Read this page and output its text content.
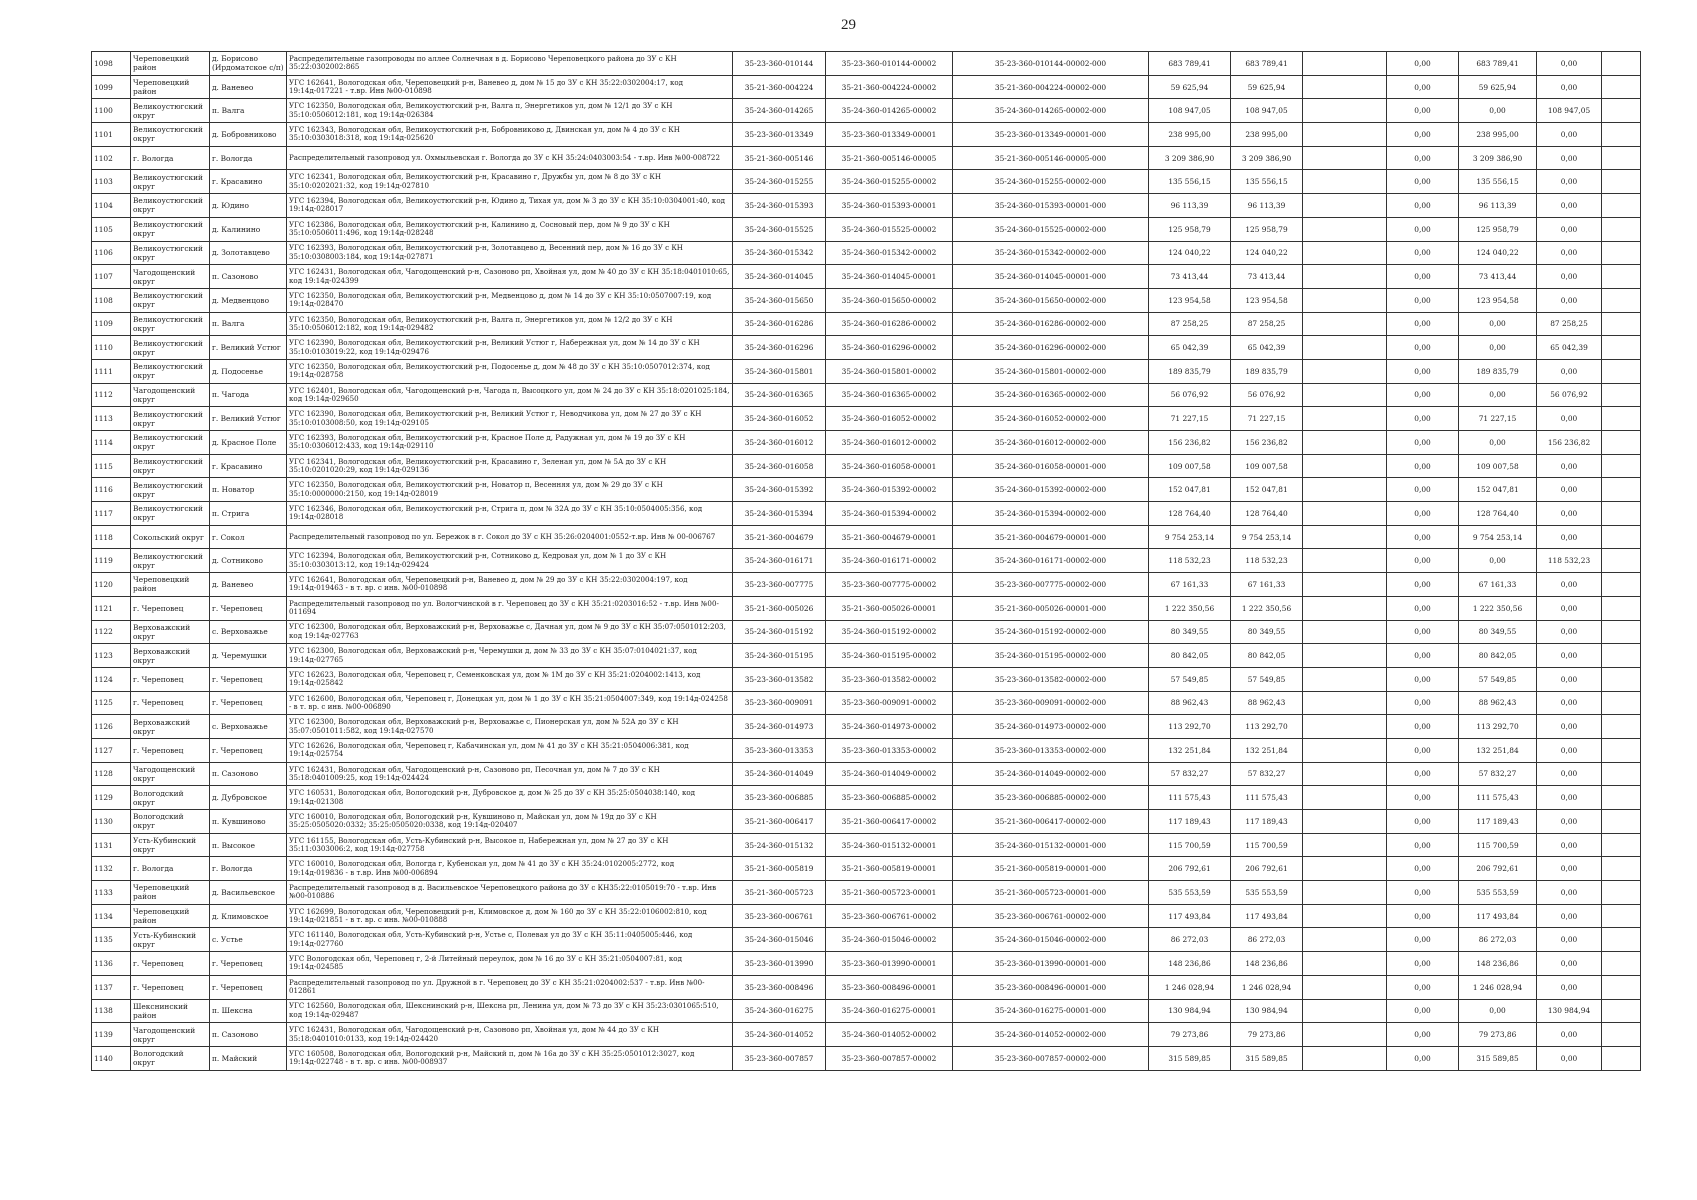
29
1098	Череповецкий район	д. Борисово (Ирдоматское с/п)	Распределительные газопроводы по аллее Солнечная в д. Борисово Череповецкого района до ЗУ с КН 35:22:0302002:865	35-23-360-010144	35-23-360-010144-00002	35-23-360-010144-00002-000	683 789,41	683 789,41		0,00	683 789,41	0,00	
1099	Череповецкий район	д. Ваневео	УГС 162641, Вологодская обл, Череповецкий р-н, Ваневео д, дом № 15 до ЗУ с КН 35:22:0302004:17, код 19:14д-017221 - т.вр. Инв №00-010898	35-21-360-004224	35-21-360-004224-00002	35-21-360-004224-00002-000	59 625,94	59 625,94		0,00	59 625,94	0,00	
1100	Великоустюгский округ	п. Валга	УГС 162350, Вологодская обл, Великоустюгский р-н, Валга п, Энергетиков ул, дом № 12/1 до ЗУ с КН 35:10:0506012:181, код 19:14д-026384	35-24-360-014265	35-24-360-014265-00002	35-24-360-014265-00002-000	108 947,05	108 947,05		0,00	0,00	108 947,05	
1101	Великоустюгский округ	д. Бобровниково	УГС 162343, Вологодская обл, Великоустюгский р-н, Бобровниково д, Двинская ул, дом № 4 до ЗУ с КН 35:10:0303018:318, код 19:14д-025620	35-23-360-013349	35-23-360-013349-00001	35-23-360-013349-00001-000	238 995,00	238 995,00		0,00	238 995,00	0,00	
1102	г. Вологда	г. Вологда	Распределительный газопровод ул. Охмыльевская г. Вологда до ЗУ с КН 35:24:0403003:54 - т.вр. Инв №00-008722	35-21-360-005146	35-21-360-005146-00005	35-21-360-005146-00005-000	3 209 386,90	3 209 386,90		0,00	3 209 386,90	0,00	
1103	Великоустюгский округ	г. Красавино	УГС 162341, Вологодская обл, Великоустюгский р-н, Красавино г, Дружбы ул, дом № 8 до ЗУ с КН 35:10:0202021:32, код 19:14д-027810	35-24-360-015255	35-24-360-015255-00002	35-24-360-015255-00002-000	135 556,15	135 556,15		0,00	135 556,15	0,00	
1104	Великоустюгский округ	д. Юдино	УГС 162394, Вологодская обл, Великоустюгский р-н, Юдино д, Тихая ул, дом № 3 до ЗУ с КН 35:10:0304001:40, код 19:14д-028017	35-24-360-015393	35-24-360-015393-00001	35-24-360-015393-00001-000	96 113,39	96 113,39		0,00	96 113,39	0,00	
1105	Великоустюгский округ	д. Калинино	УГС 162386, Вологодская обл, Великоустюгский р-н, Калинино д, Сосновый пер, дом № 9 до ЗУ с КН 35:10:0506011:496, код 19:14д-028248	35-24-360-015525	35-24-360-015525-00002	35-24-360-015525-00002-000	125 958,79	125 958,79		0,00	125 958,79	0,00	
1106	Великоустюгский округ	д. Золотавцево	УГС 162393, Вологодская обл, Великоустюгский р-н, Золотавцево д, Весенний пер, дом № 16 до ЗУ с КН 35:10:0308003:184, код 19:14д-027871	35-24-360-015342	35-24-360-015342-00002	35-24-360-015342-00002-000	124 040,22	124 040,22		0,00	124 040,22	0,00	
1107	Чагодощенский округ	п. Сазоново	УГС 162431, Вологодская обл, Чагодощенский р-н, Сазоново рп, Хвойная ул, дом № 40 до ЗУ с КН 35:18:0401010:65, код 19:14д-024399	35-24-360-014045	35-24-360-014045-00001	35-24-360-014045-00001-000	73 413,44	73 413,44		0,00	73 413,44	0,00	
1108	Великоустюгский округ	д. Медвенцово	УГС 162350, Вологодская обл, Великоустюгский р-н, Медвенцово д, дом № 14 до ЗУ с КН 35:10:0507007:19, код 19:14д-028470	35-24-360-015650	35-24-360-015650-00002	35-24-360-015650-00002-000	123 954,58	123 954,58		0,00	123 954,58	0,00	
1109	Великоустюгский округ	п. Валга	УГС 162350, Вологодская обл, Великоустюгский р-н, Валга п, Энергетиков ул, дом № 12/2 до ЗУ с КН 35:10:0506012:182, код 19:14д-029482	35-24-360-016286	35-24-360-016286-00002	35-24-360-016286-00002-000	87 258,25	87 258,25		0,00	0,00	87 258,25	
1110	Великоустюгский округ	г. Великий Устюг	УГС 162390, Вологодская обл, Великоустюгский р-н, Великий Устюг г, Набережная ул, дом № 14 до ЗУ с КН 35:10:0103019:22, код 19:14д-029476	35-24-360-016296	35-24-360-016296-00002	35-24-360-016296-00002-000	65 042,39	65 042,39		0,00	0,00	65 042,39	
1111	Великоустюгский округ	д. Подосенье	УГС 162350, Вологодская обл, Великоустюгский р-н, Подосенье д, дом № 48 до ЗУ с КН 35:10:0507012:374, код 19:14д-028758	35-24-360-015801	35-24-360-015801-00002	35-24-360-015801-00002-000	189 835,79	189 835,79		0,00	189 835,79	0,00	
1112	Чагодощенский округ	п. Чагода	УГС 162401, Вологодская обл, Чагодощенский р-н, Чагода п, Высоцкого ул, дом № 24 до ЗУ с КН 35:18:0201025:184, код 19:14д-029650	35-24-360-016365	35-24-360-016365-00002	35-24-360-016365-00002-000	56 076,92	56 076,92		0,00	0,00	56 076,92	
1113	Великоустюгский округ	г. Великий Устюг	УГС 162390, Вологодская обл, Великоустюгский р-н, Великий Устюг г, Неводчикова ул, дом № 27 до ЗУ с КН 35:10:0103008:50, код 19:14д-029105	35-24-360-016052	35-24-360-016052-00002	35-24-360-016052-00002-000	71 227,15	71 227,15		0,00	71 227,15	0,00	
1114	Великоустюгский округ	д. Красное Поле	УГС 162393, Вологодская обл, Великоустюгский р-н, Красное Поле д, Радужная ул, дом № 19 до ЗУ с КН 35:10:0306012:433, код 19:14д-029110	35-24-360-016012	35-24-360-016012-00002	35-24-360-016012-00002-000	156 236,82	156 236,82		0,00	0,00	156 236,82	
1115	Великоустюгский округ	г. Красавино	УГС 162341, Вологодская обл, Великоустюгский р-н, Красавино г, Зеленая ул, дом № 5А до ЗУ с КН 35:10:0201020:29, код 19:14д-029136	35-24-360-016058	35-24-360-016058-00001	35-24-360-016058-00001-000	109 007,58	109 007,58		0,00	109 007,58	0,00	
1116	Великоустюгский округ	п. Новатор	УГС 162350, Вологодская обл, Великоустюгский р-н, Новатор п, Весенняя ул, дом № 29 до ЗУ с КН 35:10:0000000:2150, код 19:14д-028019	35-24-360-015392	35-24-360-015392-00002	35-24-360-015392-00002-000	152 047,81	152 047,81		0,00	152 047,81	0,00	
1117	Великоустюгский округ	п. Стрига	УГС 162346, Вологодская обл, Великоустюгский р-н, Стрига п, дом № 32А до ЗУ с КН 35:10:0504005:356, код 19:14д-028018	35-24-360-015394	35-24-360-015394-00002	35-24-360-015394-00002-000	128 764,40	128 764,40		0,00	128 764,40	0,00	
1118	Сокольский округ	г. Сокол	Распределительный газопровод по ул. Бережок в г. Сокол до ЗУ с КН 35:26:0204001:0552-т.вр. Инв № 00-006767	35-21-360-004679	35-21-360-004679-00001	35-21-360-004679-00001-000	9 754 253,14	9 754 253,14		0,00	9 754 253,14	0,00	
1119	Великоустюгский округ	д. Сотниково	УГС 162394, Вологодская обл, Великоустюгский р-н, Сотниково д, Кедровая ул, дом № 1 до ЗУ с КН 35:10:0303013:12, код 19:14д-029424	35-24-360-016171	35-24-360-016171-00002	35-24-360-016171-00002-000	118 532,23	118 532,23		0,00	0,00	118 532,23	
1120	Череповецкий район	д. Ваневео	УГС 162641, Вологодская обл, Череповецкий р-н, Ваневео д, дом № 29 до ЗУ с КН 35:22:0302004:197, код 19:14д-019463 - в т. вр. с инв. №00-010898	35-23-360-007775	35-23-360-007775-00002	35-23-360-007775-00002-000	67 161,33	67 161,33		0,00	67 161,33	0,00	
1121	г. Череповец	г. Череповец	Распределительный газопровод по ул. Вологчинской в г. Череповец до ЗУ с КН 35:21:0203016:52 - т.вр. Инв №00-011694	35-21-360-005026	35-21-360-005026-00001	35-21-360-005026-00001-000	1 222 350,56	1 222 350,56		0,00	1 222 350,56	0,00	
1122	Верховажский округ	с. Верховажье	УГС 162300, Вологодская обл, Верховажский р-н, Верховажье с, Дачная ул, дом № 9 до ЗУ с КН 35:07:0501012:203, код 19:14д-027763	35-24-360-015192	35-24-360-015192-00002	35-24-360-015192-00002-000	80 349,55	80 349,55		0,00	80 349,55	0,00	
1123	Верховажский округ	д. Черемушки	УГС 162300, Вологодская обл, Верховажский р-н, Черемушки д, дом № 33 до ЗУ с КН 35:07:0104021:37, код 19:14д-027765	35-24-360-015195	35-24-360-015195-00002	35-24-360-015195-00002-000	80 842,05	80 842,05		0,00	80 842,05	0,00	
1124	г. Череповец	г. Череповец	УГС 162623, Вологодская обл, Череповец г, Семенковская ул, дом № 1М до ЗУ с КН 35:21:0204002:1413, код 19:14д-025842	35-23-360-013582	35-23-360-013582-00002	35-23-360-013582-00002-000	57 549,85	57 549,85		0,00	57 549,85	0,00	
1125	г. Череповец	г. Череповец	УГС 162600, Вологодская обл, Череповец г, Донецкая ул, дом № 1 до ЗУ с КН 35:21:0504007:349, код 19:14д-024258 - в т. вр. с инв. №00-006890	35-23-360-009091	35-23-360-009091-00002	35-23-360-009091-00002-000	88 962,43	88 962,43		0,00	88 962,43	0,00	
1126	Верховажский округ	с. Верховажье	УГС 162300, Вологодская обл, Верховажский р-н, Верховажье с, Пионерская ул, дом № 52А до ЗУ с КН 35:07:0501011:582, код 19:14д-027570	35-24-360-014973	35-24-360-014973-00002	35-24-360-014973-00002-000	113 292,70	113 292,70		0,00	113 292,70	0,00	
1127	г. Череповец	г. Череповец	УГС 162626, Вологодская обл, Череповец г, Кабачинская ул, дом № 41 до ЗУ с КН 35:21:0504006:381, код 19:14д-025754	35-23-360-013353	35-23-360-013353-00002	35-23-360-013353-00002-000	132 251,84	132 251,84		0,00	132 251,84	0,00	
1128	Чагодощенский округ	п. Сазоново	УГС 162431, Вологодская обл, Чагодощенский р-н, Сазоново рп, Песочная ул, дом № 7 до ЗУ с КН 35:18:0401009:25, код 19:14д-024424	35-24-360-014049	35-24-360-014049-00002	35-24-360-014049-00002-000	57 832,27	57 832,27		0,00	57 832,27	0,00	
1129	Вологодский округ	д. Дубровское	УГС 160531, Вологодская обл, Вологодский р-н, Дубровское д, дом № 25 до ЗУ с КН 35:25:0504038:140, код 19:14д-021308	35-23-360-006885	35-23-360-006885-00002	35-23-360-006885-00002-000	111 575,43	111 575,43		0,00	111 575,43	0,00	
1130	Вологодский округ	п. Кувшиново	УГС 160010, Вологодская обл, Вологодский р-н, Кувшиново п, Майская ул, дом № 19д до ЗУ с КН 35:25:0505020:0332; 35:25:0505020:0338, код 19:14д-020407	35-21-360-006417	35-21-360-006417-00002	35-21-360-006417-00002-000	117 189,43	117 189,43		0,00	117 189,43	0,00	
1131	Усть-Кубинский округ	п. Высокое	УГС 161155, Вологодская обл, Усть-Кубинский р-н, Высокое п, Набережная ул, дом № 27 до ЗУ с КН 35:11:0303006:2, код 19:14д-027758	35-24-360-015132	35-24-360-015132-00001	35-24-360-015132-00001-000	115 700,59	115 700,59		0,00	115 700,59	0,00	
1132	г. Вологда	г. Вологда	УГС 160010, Вологодская обл, Вологда г, Кубенская ул, дом № 41 до ЗУ с КН 35:24:0102005:2772, код 19:14д-019836 - в т.вр. Инв №00-006894	35-21-360-005819	35-21-360-005819-00001	35-21-360-005819-00001-000	206 792,61	206 792,61		0,00	206 792,61	0,00	
1133	Череповецкий район	д. Васильевское	Распределительный газопровод в д. Васильевское Череповецкого района до ЗУ с КН35:22:0105019:70 - т.вр. Инв №00-010886	35-21-360-005723	35-21-360-005723-00001	35-21-360-005723-00001-000	535 553,59	535 553,59		0,00	535 553,59	0,00	
1134	Череповецкий район	д. Климовское	УГС 162699, Вологодская обл, Череповецкий р-н, Климовское д, дом № 160 до ЗУ с КН 35:22:0106002:810, код 19:14д-021851 - в т. вр. с инв. №00-010888	35-23-360-006761	35-23-360-006761-00002	35-23-360-006761-00002-000	117 493,84	117 493,84		0,00	117 493,84	0,00	
1135	Усть-Кубинский округ	с. Устье	УГС 161140, Вологодская обл, Усть-Кубинский р-н, Устье с, Полевая ул до ЗУ с КН 35:11:0405005:446, код 19:14д-027760	35-24-360-015046	35-24-360-015046-00002	35-24-360-015046-00002-000	86 272,03	86 272,03		0,00	86 272,03	0,00	
1136	г. Череповец	г. Череповец	УГС Вологодская обл, Череповец г, 2-й Литейный переулок, дом № 16 до ЗУ с КН 35:21:0504007:81, код 19:14д-024585	35-23-360-013990	35-23-360-013990-00001	35-23-360-013990-00001-000	148 236,86	148 236,86		0,00	148 236,86	0,00	
1137	г. Череповец	г. Череповец	Распределительный газопровод по ул. Дружной в г. Череповец до ЗУ с КН 35:21:0204002:537 - т.вр. Инв №00-012861	35-23-360-008496	35-23-360-008496-00001	35-23-360-008496-00001-000	1 246 028,94	1 246 028,94		0,00	1 246 028,94	0,00	
1138	Шекснинский район	п. Шексна	УГС 162560, Вологодская обл, Шекснинский р-н, Шексна рп, Ленина ул, дом № 73 до ЗУ с КН 35:23:0301065:510, код 19:14д-029487	35-24-360-016275	35-24-360-016275-00001	35-24-360-016275-00001-000	130 984,94	130 984,94		0,00	0,00	130 984,94	
1139	Чагодощенский округ	п. Сазоново	УГС 162431, Вологодская обл, Чагодощенский р-н, Сазоново рп, Хвойная ул, дом № 44 до ЗУ с КН 35:18:0401010:0133, код 19:14д-024420	35-24-360-014052	35-24-360-014052-00002	35-24-360-014052-00002-000	79 273,86	79 273,86		0,00	79 273,86	0,00	
1140	Вологодский округ	п. Майский	УГС 160508, Вологодская обл, Вологодский р-н, Майский п, дом № 16а до ЗУ с КН 35:25:0501012:3027, код 19:14д-022748 - в т. вр. с инв. №00-008937	35-23-360-007857	35-23-360-007857-00002	35-23-360-007857-00002-000	315 589,85	315 589,85		0,00	315 589,85	0,00	
